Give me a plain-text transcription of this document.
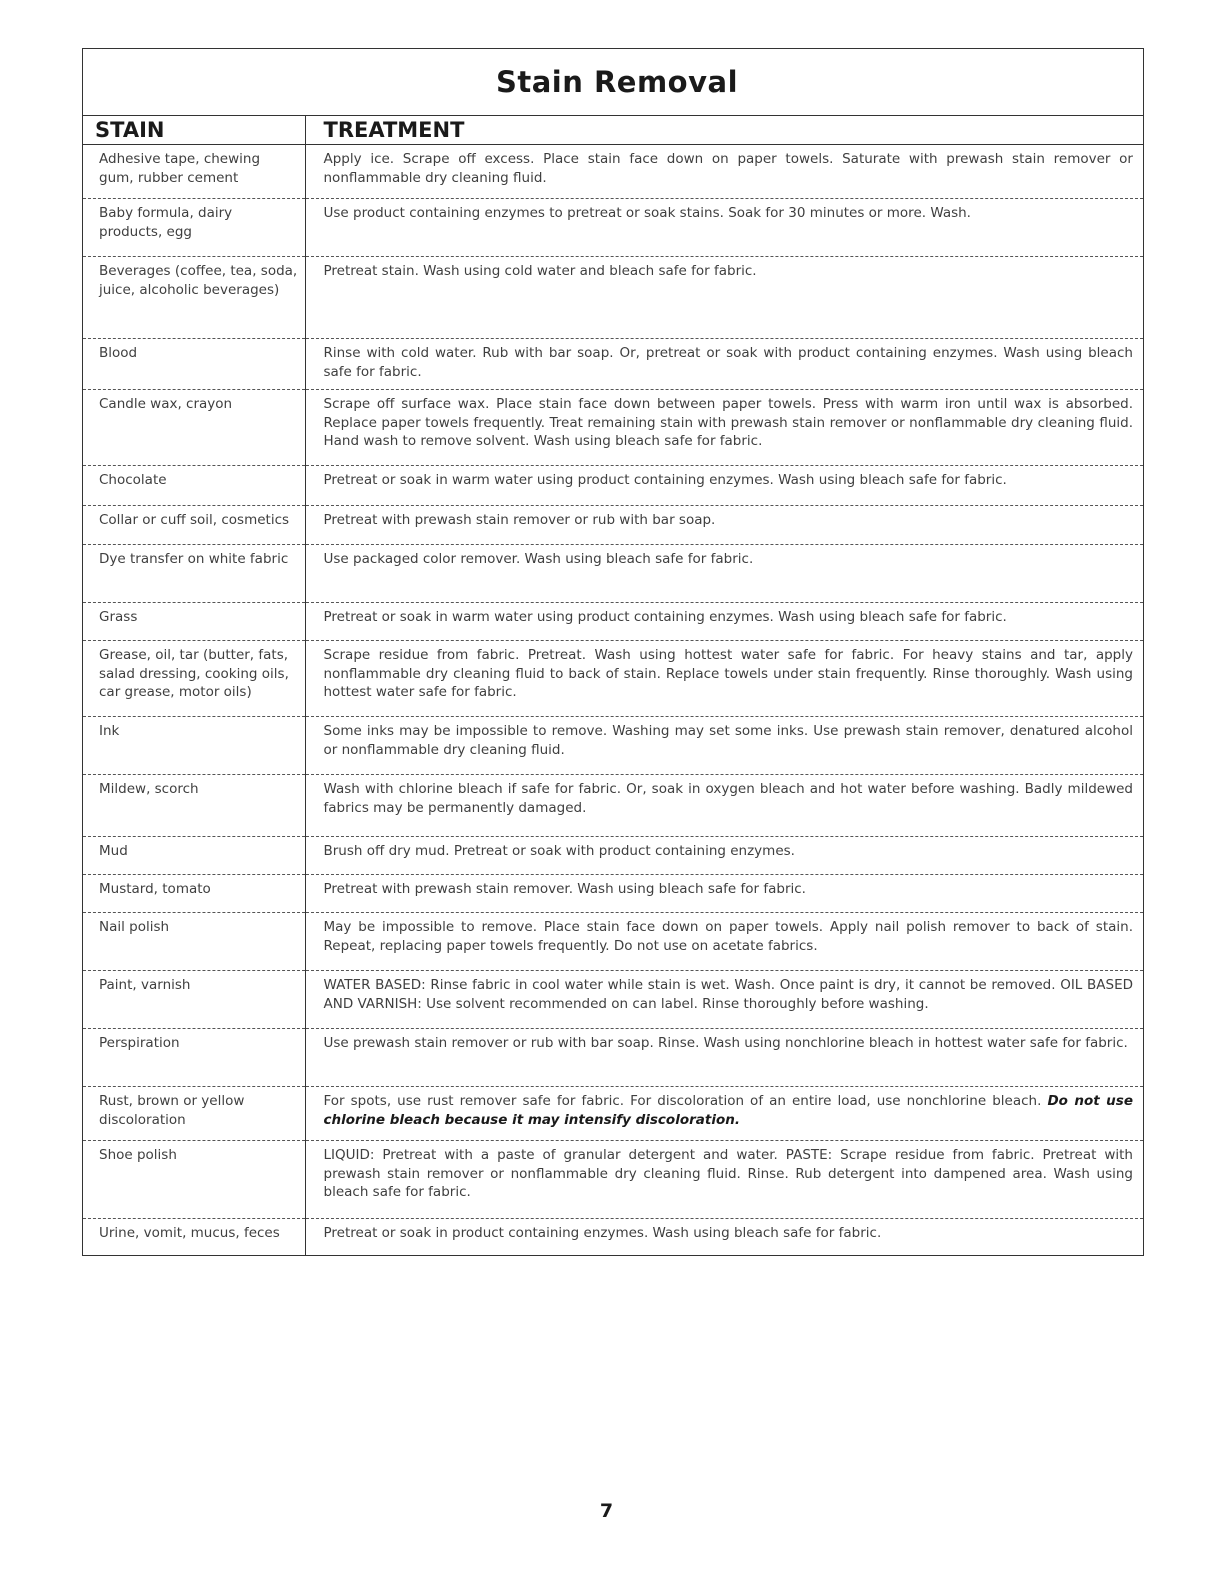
Stain Removal
STAIN	TREATMENT
Adhesive tape, chewing gum, rubber cement	Apply ice. Scrape off excess. Place stain face down on paper towels. Saturate with prewash stain remover or nonflammable dry cleaning fluid.
Baby formula, dairy products, egg	Use product containing enzymes to pretreat or soak stains. Soak for 30 minutes or more. Wash.
Beverages (coffee, tea, soda,
juice, alcoholic beverages)	Pretreat stain. Wash using cold water and bleach safe for fabric.
Blood	Rinse with cold water. Rub with bar soap. Or, pretreat or soak with product containing enzymes. Wash using bleach safe for fabric.
Candle wax, crayon	Scrape off surface wax. Place stain face down between paper towels. Press with warm iron until wax is absorbed. Replace paper towels frequently. Treat remaining stain with prewash stain remover or nonflammable dry cleaning fluid. Hand wash to remove solvent. Wash using bleach safe for fabric.
Chocolate	Pretreat or soak in warm water using product containing enzymes. Wash using bleach safe for fabric.
Collar or cuff soil, cosmetics	Pretreat with prewash stain remover or rub with bar soap.
Dye transfer on white fabric	Use packaged color remover. Wash using bleach safe for fabric.
Grass	Pretreat or soak in warm water using product containing enzymes. Wash using bleach safe for fabric.
Grease, oil, tar (butter, fats, salad dressing, cooking oils, car grease, motor oils)	Scrape residue from fabric. Pretreat. Wash using hottest water safe for fabric. For heavy stains and tar, apply nonflammable dry cleaning fluid to back of stain. Replace towels under stain frequently. Rinse thoroughly. Wash using hottest water safe for fabric.
Ink	Some inks may be impossible to remove. Washing may set some inks. Use prewash stain remover, denatured alcohol or nonflammable dry cleaning fluid.
Mildew, scorch	Wash with chlorine bleach if safe for fabric. Or, soak in oxygen bleach and hot water before washing. Badly mildewed fabrics may be permanently damaged.
Mud	Brush off dry mud. Pretreat or soak with product containing enzymes.
Mustard, tomato	Pretreat with prewash stain remover. Wash using bleach safe for fabric.
Nail polish	May be impossible to remove. Place stain face down on paper towels. Apply nail polish remover to back of stain. Repeat, replacing paper towels frequently. Do not use on acetate fabrics.
Paint, varnish	WATER BASED: Rinse fabric in cool water while stain is wet. Wash. Once paint is dry, it cannot be removed. OIL BASED AND VARNISH: Use solvent recommended on can label. Rinse thoroughly before washing.
Perspiration	Use prewash stain remover or rub with bar soap. Rinse. Wash using nonchlorine bleach in hottest water safe for fabric.
Rust, brown or yellow discoloration	For spots, use rust remover safe for fabric. For discoloration of an entire load, use nonchlorine bleach. Do not use chlorine bleach because it may intensify discoloration.
Shoe polish	LIQUID: Pretreat with a paste of granular detergent and water. PASTE: Scrape residue from fabric. Pretreat with prewash stain remover or nonflammable dry cleaning fluid. Rinse. Rub detergent into dampened area. Wash using bleach safe for fabric.
Urine, vomit, mucus, feces	Pretreat or soak in product containing enzymes. Wash using bleach safe for fabric.
7
